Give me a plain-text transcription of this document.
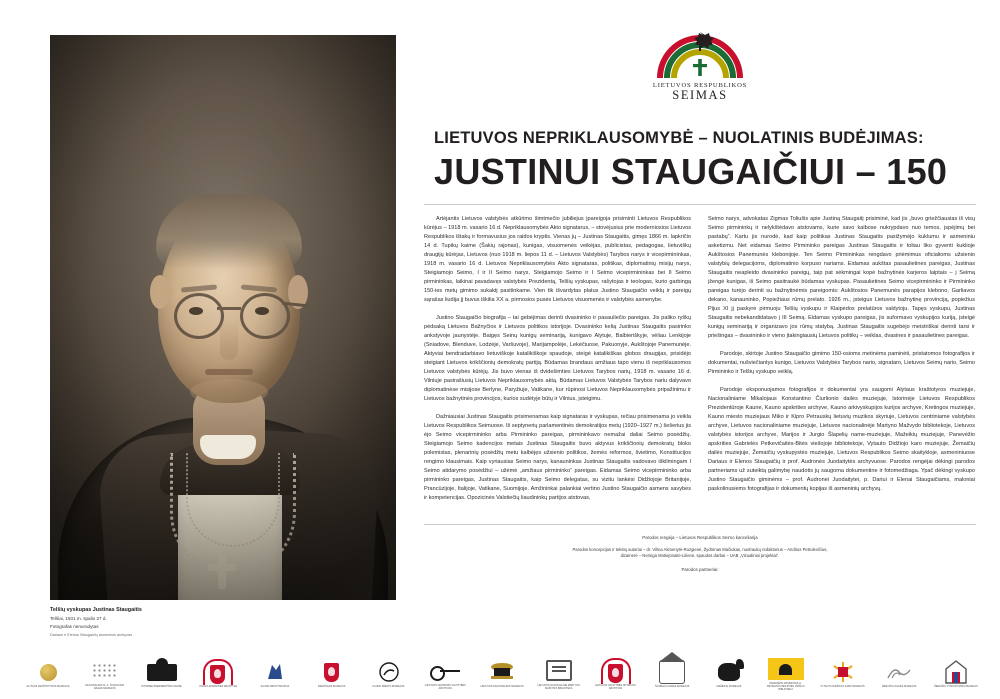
Telšių vyskupas Justinas Staugaitis
Telšiai, 1931 m. spalio 27 d.
Fotografas nenurodytas
Dariaus ir Elenos Staugaičių asmeninis archyvas
LIETUVOS RESPUBLIKOS
SEIMAS
LIETUVOS NEPRIKLAUSOMYBĖ – NUOLATINIS BUDĖJIMAS:
JUSTINUI STAUGAIČIUI – 150

Artėjantis Lietuvos valstybės atkūrimo šimtmečio jubiliejus įpareigoja prisiminti Lietuvos Respublikos kūrėjus – 1918 m. vasario 16 d. Nepriklausomybės Akto signatarus, – stovėjusius prie moderniosios Lietuvos Respublikos ištakų ir formavusius jos raidos kryptis. Vienas jų – Justinas Staugaitis, gimęs 1866 m. lapkričio 14 d. Tupikų kaime (Šakių rajonas), kunigas, visuomenės veikėjas, publicistas, pedagogas, lietuviškų draugijų kūrėjas, Lietuvos (nuo 1918 m. liepos 11 d. – Lietuvos Valstybės) Tarybos narys ir vicepirmininkas, 1918 m. vasario 16 d. Lietuvos Nepriklausomybės Akto signataras, politikas, diplomatinių misijų narys, Steigiamojo Seimo, I ir II Seimo narys, Steigiamojo Seimo ir I Seimo vicepirmininkas bei II Seimo pirmininkas, laikinai pavadavęs valstybės Prezidentą, Telšių vyskupas, rašytojas ir teologas, kurio garbingą 150-ies metų gimimo sukaktį pasitinkame. Vien tik išvardytas platus Justino Staugaičio veiklų ir pareigų sąrašas liudija jį buvus iškilia XX a. pirmosios pusės Lietuvos visuomenės ir valstybės asmenybe.

Justino Staugaičio biografija – tai gebėjimas derinti dvasininko ir pasauliečio pareigas. Jis paliko ryškų pėdsaką Lietuvos Bažnyčios ir Lietuvos politikos istorijoje. Dvasininko kelią Justinas Staugaitis pasirinko ankstyvoje jaunystėje. Baigęs Seinų kunigų seminariją, kunigavo Alytuje, Balbieriškyje, vėliau Lenkijoje (Sniadove, Blenduve, Lodzėje, Varšuvoje), Marijampolėje, Lekėčiuose, Pakuonyje, Aukštojoje Panemunėje. Aktyviai bendradarbiavo lietuviškoje katalikiškoje spaudoje, steigė katalikiškas globos draugijas, prisidėjo steigiant Lietuvos krikščionių demokratų partiją. Būdamas brandaus amžiaus tapo vienu iš nepriklausomos Lietuvos valstybės kūrėjų. Jis buvo vienas iš dvidešimties Lietuvos Tarybos narių, 1918 m. vasario 16 d. Vilniuje pasirašiusių Lietuvos Nepriklausomybės aktą. Būdamas Lietuvos Valstybės Tarybos nariu dalyvavo diplomatinėse misijose Berlyne, Paryžiuje, Vatikane, kur rūpinosi Lietuvos Nepriklausomybės pripažinimu ir Lietuvos bažnytinės provincijos, kurios sudėtyje būtų ir Vilnius, įsteigimu.

Dažniausiai Justinas Staugaitis prisimenamas kaip signataras ir vyskupas, rečiau prisimenama jo veikla Lietuvos Respublikos Seimuose. Iš septynerių parlamentinės demokratijos metų (1920–1927 m.) šešerius jis ėjo Seimo vicepirmininko arba Pirmininko pareigas, pirmininkavo nemažai daliai Seimo posėdžių. Steigiamojo Seimo kadencijos metais Justinas Staugaitis buvo aktyvus krikščionių demokratų bloko polemistas, plenarinių posėdžių metu kalbėjęs užsienio politikos, žemės reformos, švietimo, Konstitucijos rengimo klausimais. Kaip vyriausias Seimo narys, kanauninkas Justinas Staugaitis vadovavo iškilmingam I Seimo atidarymo posėdžiui – užėmė „amžiaus pirmininko“ pareigas. Eidamas Seimo vicepirmininko arba pirmininko pareigas, Justinas Staugaitis, kaip Seimo delegatas, su vizitu lankėsi Didžiojoje Britanijoje, Prancūzijoje, Italijoje, Vatikane, Suomijoje. Amžininkai palankiai vertino Justino Staugaičio asmens savybes ir kompetencijas. Opozicinės Valstiečių liaudininkų partijos atstovas,

Seimo narys, advokatas Zigmas Toliušis apie Justiną Staugaitį prisiminė, kad jis „buvo griežčiausias iš visų Seimo pirmininkų ir nelykštėdavo atstovams, kurie savo kalbose nukrypdavo nuo temos, įspėjimų bei pastabų“. Kartu jis nurodė, kad kaip politikas Justinas Staugaitis pasižymėjo kuklumu ir asmeniniu asketizmu. Net eidamas Seimo Pirmininko pareigas Justinas Staugaitis ir toliau liko gyventi kuklioje Aukštosios Panemunės klebonijoje. Ten Seimo Pirmininkas rengdavo priėmimus oficialioms užsienio valstybių delegacijoms, diplomatinio korpuso nariams. Eidamas aukštas pasaulietines pareigas, Justinas Staugaitis neapleido dvasininko pareigų, taip pat sėkmingai kopė bažnytinės karjeros laiptais – į Seimą įžengė kunigas, iš Seimo pasitraukė būdamas vyskupas. Pasaulietines Seimo vicepirmininko ir Pirmininko pareigas turėjo derinti su bažnytinėmis pareigomis: Aukštosios Panemunės parapijos klebono, Garliavos dekano, kanauninko, Popiežiaus rūmų prelato. 1926 m., įsteigus Lietuvos bažnytinę provinciją, popiežius Pijus XI jį paskyrė pirmuoju Telšių vyskupu ir Klaipėdos prelatūros valdytoju. Tapęs vyskupu, Justinas Staugaitis nebekandidatavo į III Seimą. Eidamas vyskupo pareigas, jis suformavo vyskupijos kuriją, įsteigė kunigų seminariją ir organizavo jos rūmų statybą. Justinas Staugaitis sugebėjo meistriškai derinti tarsi ir priešingas – dvasininko ir vieno įtakingiausių Lietuvos politikų – veiklas, dvasines ir pasaulietines pareigas.

Parodoje, skirtoje Justino Staugaičio gimimo 150-osioms metinėms paminėti, pristatomos fotografijos ir dokumentai, nušviečiantys kunigo, Lietuvos Valstybės Tarybos nario, signataro, Lietuvos Seimų nario, Seimo Pirmininko ir Telšių vyskupo veiklą.

Parodoje eksponuojamos fotografijos ir dokumentai yra saugomi Alytaus kraštotyros muziejuje, Nacionaliniame Mikalojaus Konstantino Čiurlionio dailės muziejuje, Istorinėje Lietuvos Respublikos Prezidentūroje Kaune, Kauno apskrities archyve, Kauno arkivyskupijos kurijos archyve, Kretingos muziejuje, Kauno miesto muziejaus Miko ir Kipro Petrauskų lietuvių muzikos skyriuje, Lietuvos centriniame valstybės archyve, Lietuvos nacionaliniame muziejuje, Lietuvos nacionalinėje Martyno Mažvydo bibliotekoje, Lietuvos valstybės istorijos archyve, Marijos ir Jurgio Šlapelių name-muziejuje, Mažeikių muziejuje, Panevėžio apskrities Gabrielės Petkevičaitės-Bitės viešojoje bibliotekoje, Vytauto Didžiojo karo muziejuje, Žemaičių dailės muziejuje, Žemaičių vyskupystės muziejuje, Lietuvos Respublikos Seimo skaitykloje, asmeniniuose Dariaus ir Elenos Staugaičių ir prof. Audronės Juodaitytės archyvuose. Parodos rengėjai dėkingi parodos partneriams už suteiktą galimybę naudotis jų saugoma dokumentine ir fotomedžiaga. Ypač dėkingi vyskupo Justino Staugaičio giminėms – prof. Audronei Juodaitytei, p. Dariui ir Elenai Staugaičiams, maloniai paskolinusiems fotografijas ir dokumentų kopijas iš asmeninių archyvų.

Parodos rengėja – Lietuvos Respublikos Seimo kanceliarija
Parodos koncepcijos ir tekstų autoriai – dr. Vilma Akmenytė-Ruzgienė, Žydrūnas Mačiukas, nuotraukų redaktorius – Andrius Petrulevičius,
dizainerė – Neringa Motiejūnaitė-Lilienė, spaudos darbai – UAB „Vizualiniai projektai“.
Parodos partneriai:
ALYTAUS KRAŠTOTYROS MUZIEJUS
NACIONALINIS M. K. ČIURLIONIO DAILĖS MUZIEJUS
ISTORINĖ PREZIDENTŪRA KAUNE	KAUNO APSKRITIES ARCHYVAS	KAUNO ARKIVYSKUPIJA	KRETINGOS MUZIEJUS	KAUNO MIESTO MUZIEJUS
LIETUVOS CENTRINIS VALSTYBĖS ARCHYVAS
LIETUVOS NACIONALINIS MUZIEJUS
LIETUVOS NACIONALINĖ MARTYNO MAŽVYDO BIBLIOTEKA
LIETUVOS VALSTYBĖS ISTORIJOS ARCHYVAS
ŠLAPELIŲ NAMAS-MUZIEJUS	MAŽEIKIŲ MUZIEJUS
PANEVĖŽIO APSKRITIES G. PETKEVIČAITĖS-BITĖS VIEŠOJI BIBLIOTEKA
VYTAUTO DIDŽIOJO KARO MUZIEJUS	ŽEMAIČIŲ DAILĖS MUZIEJUS	ŽEMAIČIŲ VYSKUPYSTĖS MUZIEJUS
